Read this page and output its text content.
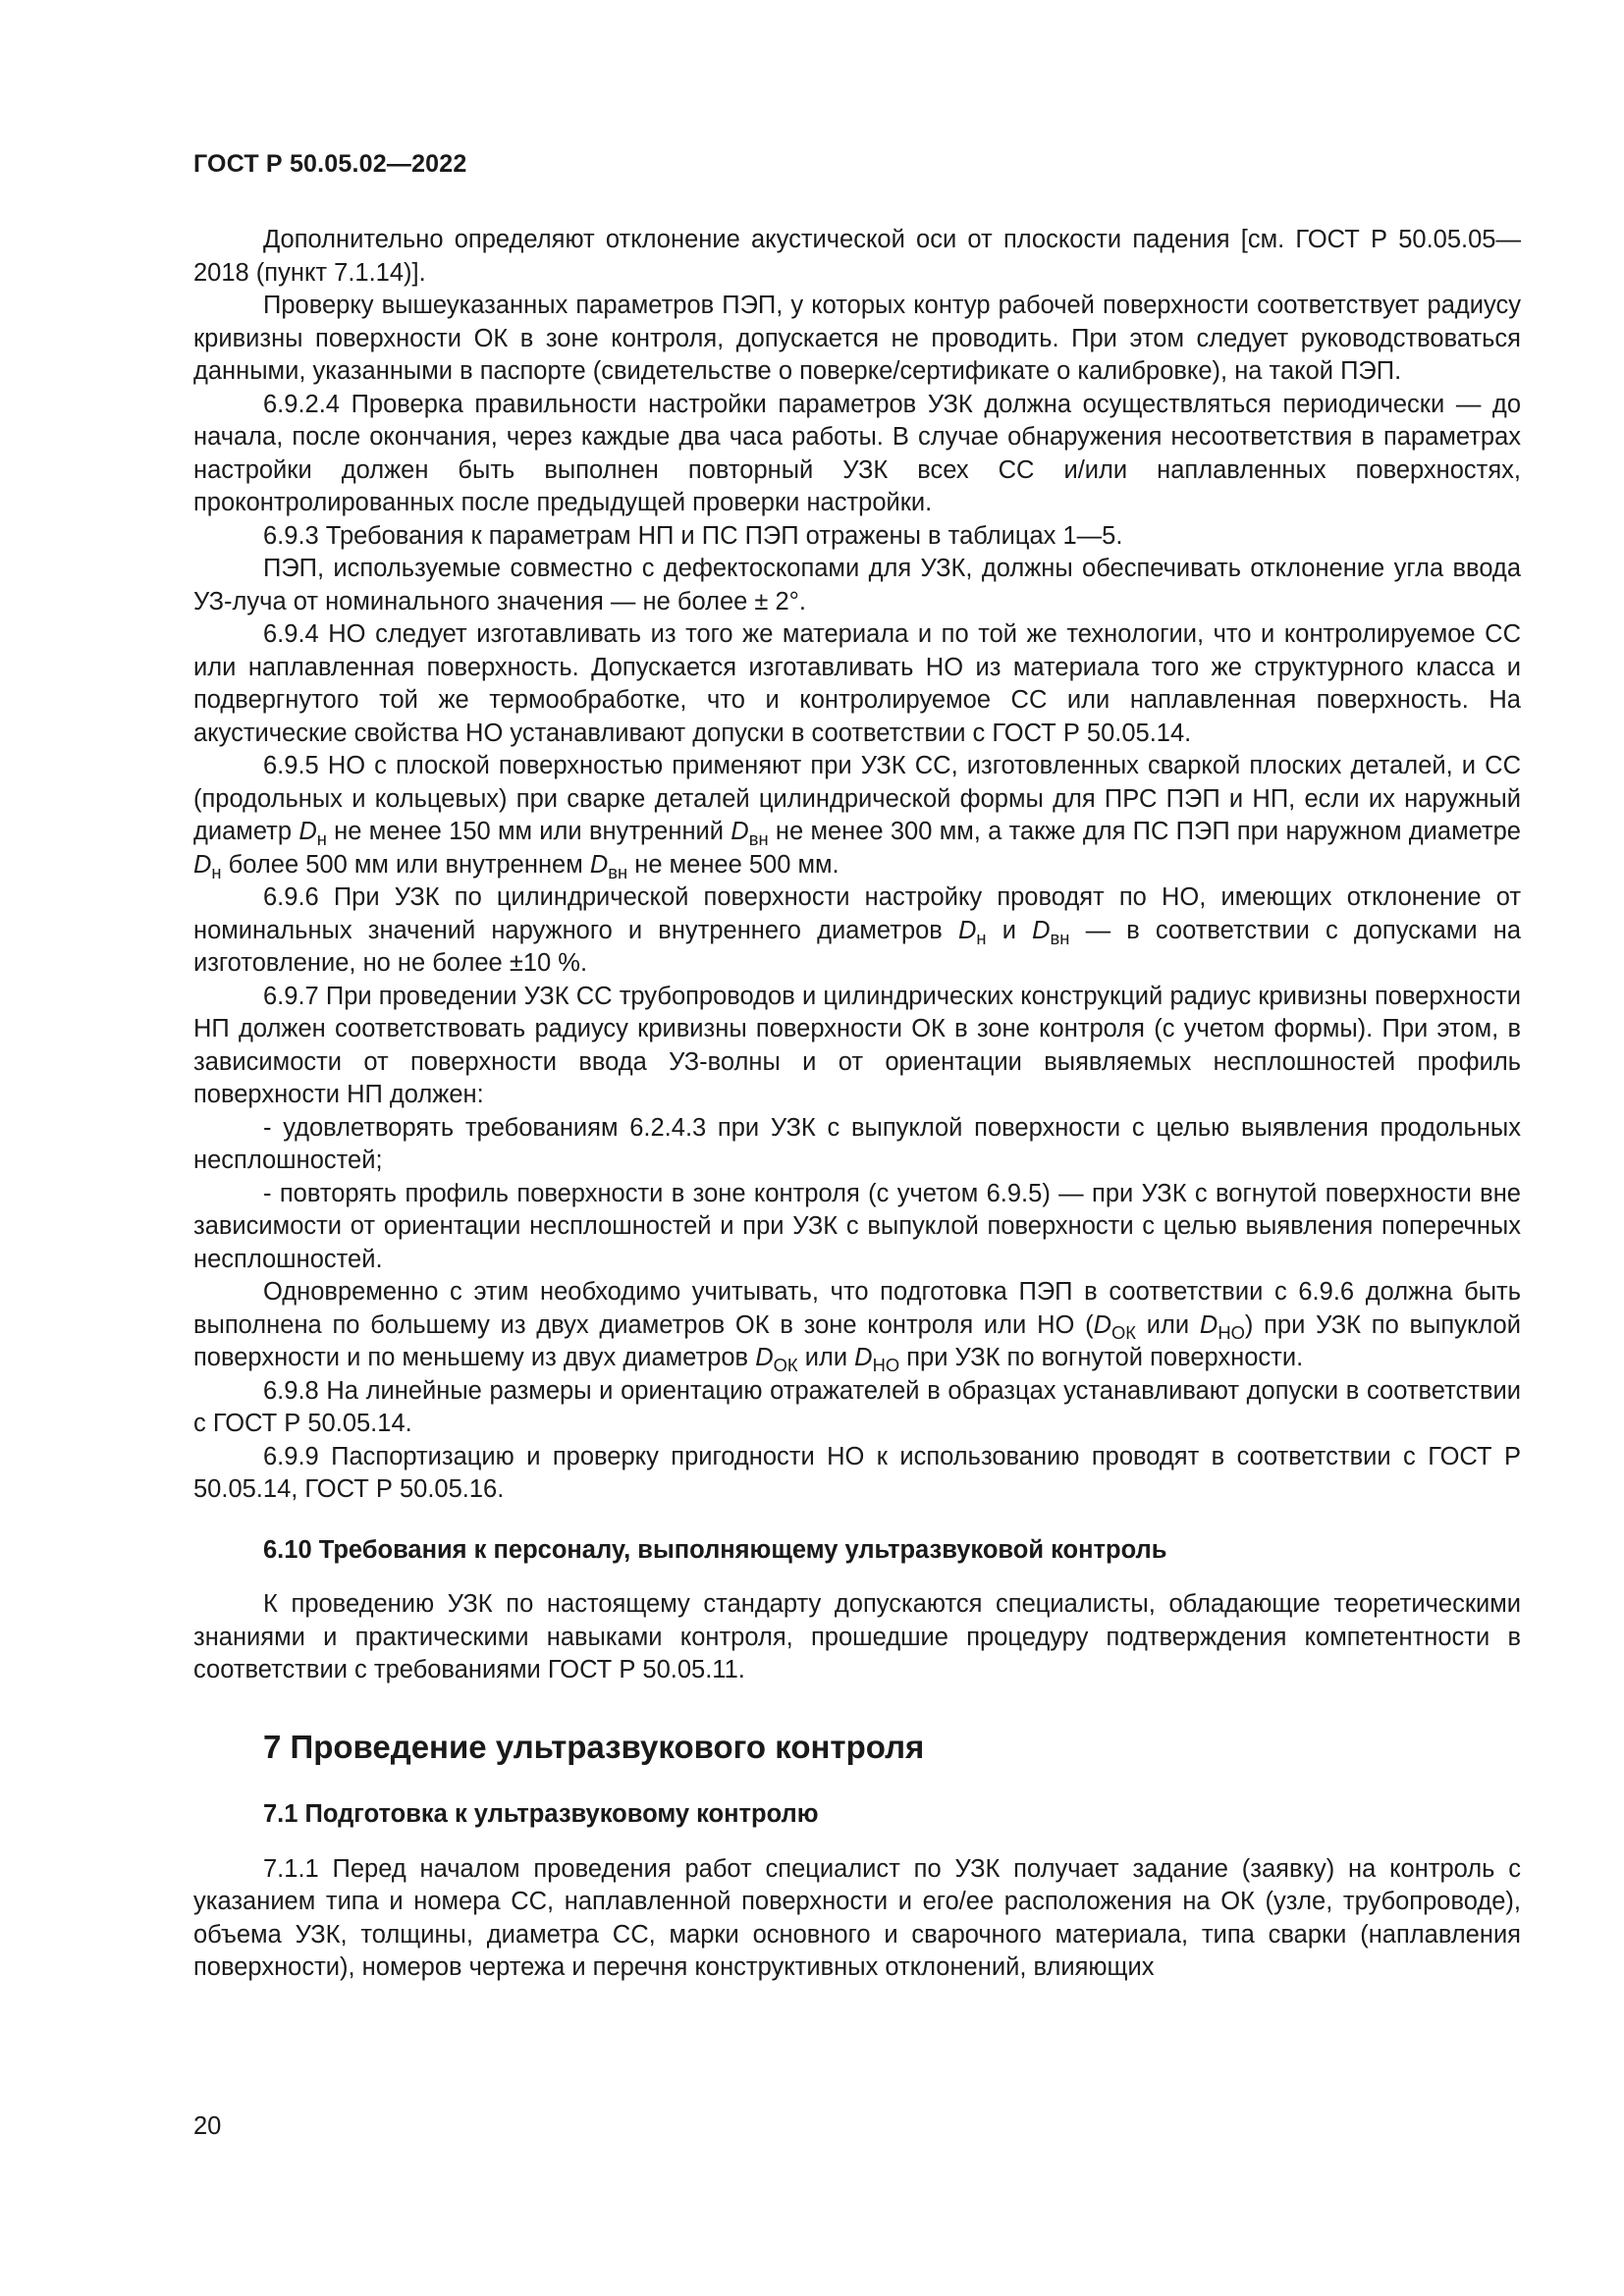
ГОСТ Р 50.05.02—2022

Дополнительно определяют отклонение акустической оси от плоскости падения [см. ГОСТ Р 50.05.05—2018 (пункт 7.1.14)].

Проверку вышеуказанных параметров ПЭП, у которых контур рабочей поверхности соответствует радиусу кривизны поверхности ОК в зоне контроля, допускается не проводить. При этом следует руководствоваться данными, указанными в паспорте (свидетельстве о поверке/сертификате о калибровке), на такой ПЭП.

6.9.2.4 Проверка правильности настройки параметров УЗК должна осуществляться периодически — до начала, после окончания, через каждые два часа работы. В случае обнаружения несоответствия в параметрах настройки должен быть выполнен повторный УЗК всех СС и/или наплавленных поверхностях, проконтролированных после предыдущей проверки настройки.

6.9.3 Требования к параметрам НП и ПС ПЭП отражены в таблицах 1—5.

ПЭП, используемые совместно с дефектоскопами для УЗК, должны обеспечивать отклонение угла ввода УЗ-луча от номинального значения — не более ± 2°.

6.9.4 НО следует изготавливать из того же материала и по той же технологии, что и контролируемое СС или наплавленная поверхность. Допускается изготавливать НО из материала того же структурного класса и подвергнутого той же термообработке, что и контролируемое СС или наплавленная поверхность. На акустические свойства НО устанавливают допуски в соответствии с ГОСТ Р 50.05.14.

6.9.5 НО с плоской поверхностью применяют при УЗК СС, изготовленных сваркой плоских деталей, и СС (продольных и кольцевых) при сварке деталей цилиндрической формы для ПРС ПЭП и НП, если их наружный диаметр $D_н$ не менее 150 мм или внутренний $D_{вн}$ не менее 300 мм, а также для ПС ПЭП при наружном диаметре $D_н$ более 500 мм или внутреннем $D_{вн}$ не менее 500 мм.

6.9.6 При УЗК по цилиндрической поверхности настройку проводят по НО, имеющих отклонение от номинальных значений наружного и внутреннего диаметров $D_н$ и $D_{вн}$ — в соответствии с допусками на изготовление, но не более ±10 %.

6.9.7 При проведении УЗК СС трубопроводов и цилиндрических конструкций радиус кривизны поверхности НП должен соответствовать радиусу кривизны поверхности ОК в зоне контроля (с учетом формы). При этом, в зависимости от поверхности ввода УЗ-волны и от ориентации выявляемых несплошностей профиль поверхности НП должен:

- удовлетворять требованиям 6.2.4.3 при УЗК с выпуклой поверхности с целью выявления продольных несплошностей;

- повторять профиль поверхности в зоне контроля (с учетом 6.9.5) — при УЗК с вогнутой поверхности вне зависимости от ориентации несплошностей и при УЗК с выпуклой поверхности с целью выявления поперечных несплошностей.

Одновременно с этим необходимо учитывать, что подготовка ПЭП в соответствии с 6.9.6 должна быть выполнена по большему из двух диаметров ОК в зоне контроля или НО ($D_{ОК}$ или $D_{НО}$) при УЗК по выпуклой поверхности и по меньшему из двух диаметров $D_{ОК}$ или $D_{НО}$ при УЗК по вогнутой поверхности.

6.9.8 На линейные размеры и ориентацию отражателей в образцах устанавливают допуски в соответствии с ГОСТ Р 50.05.14.

6.9.9 Паспортизацию и проверку пригодности НО к использованию проводят в соответствии с ГОСТ Р 50.05.14, ГОСТ Р 50.05.16.

6.10 Требования к персоналу, выполняющему ультразвуковой контроль

К проведению УЗК по настоящему стандарту допускаются специалисты, обладающие теоретическими знаниями и практическими навыками контроля, прошедшие процедуру подтверждения компетентности в соответствии с требованиями ГОСТ Р 50.05.11.

7 Проведение ультразвукового контроля
7.1 Подготовка к ультразвуковому контролю

7.1.1 Перед началом проведения работ специалист по УЗК получает задание (заявку) на контроль с указанием типа и номера СС, наплавленной поверхности и его/ее расположения на ОК (узле, трубопроводе), объема УЗК, толщины, диаметра СС, марки основного и сварочного материала, типа сварки (наплавления поверхности), номеров чертежа и перечня конструктивных отклонений, влияющих

20
